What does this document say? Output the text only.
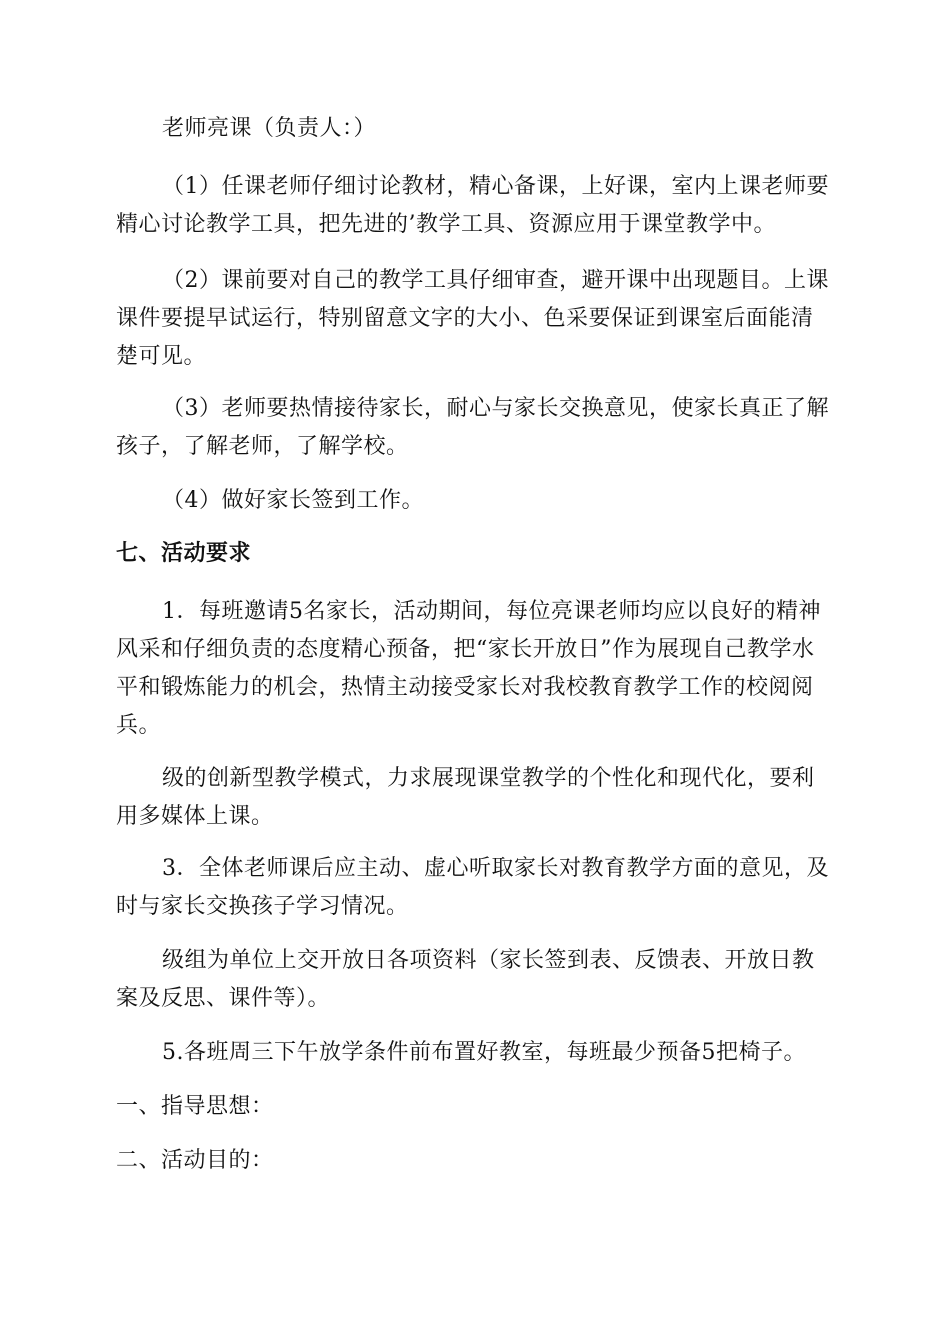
老师亮课（负责人：）

（1）任课老师仔细讨论教材，精心备课，上好课，室内上课老师要精心讨论教学工具，把先进的’教学工具、资源应用于课堂教学中。

（2）课前要对自己的教学工具仔细审查，避开课中出现题目。上课课件要提早试运行，特别留意文字的大小、色采要保证到课室后面能清楚可见。

（3）老师要热情接待家长，耐心与家长交换意见，使家长真正了解孩子，了解老师，了解学校。

（4）做好家长签到工作。

七、活动要求

1．每班邀请5名家长，活动期间，每位亮课老师均应以良好的精神风采和仔细负责的态度精心预备，把“家长开放日”作为展现自己教学水平和锻炼能力的机会，热情主动接受家长对我校教育教学工作的校阅阅兵。

级的创新型教学模式，力求展现课堂教学的个性化和现代化，要利用多媒体上课。

3．全体老师课后应主动、虚心听取家长对教育教学方面的意见，及时与家长交换孩子学习情况。

级组为单位上交开放日各项资料（家长签到表、反馈表、开放日教案及反思、课件等）。

5.各班周三下午放学条件前布置好教室，每班最少预备5把椅子。

一、指导思想：

二、活动目的：
